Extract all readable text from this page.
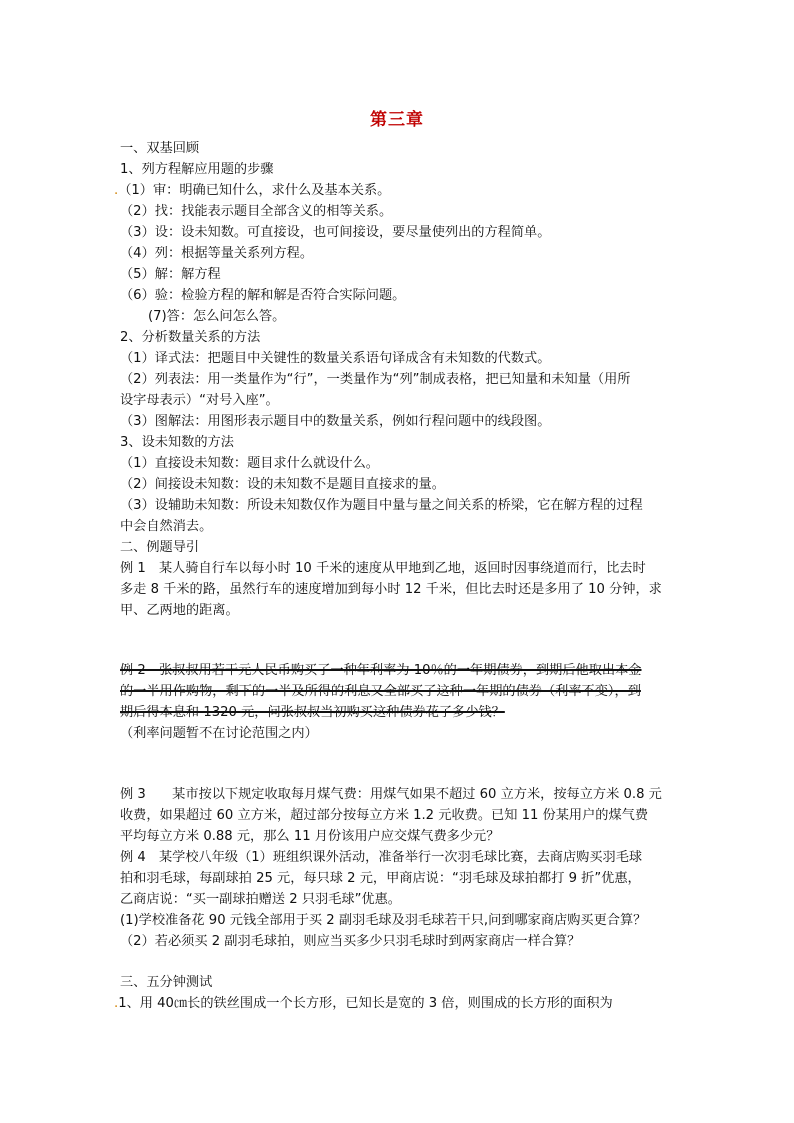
第三章
一、双基回顾
1、列方程解应用题的步骤
.（1）审：明确已知什么，求什么及基本关系。
（2）找：找能表示题目全部含义的相等关系。
（3）设：设未知数。可直接设，也可间接设，要尽量使列出的方程简单。
（4）列：根据等量关系列方程。
（5）解：解方程
（6）验：检验方程的解和解是否符合实际问题。
(7)答：怎么问怎么答。
2、分析数量关系的方法
（1）译式法：把题目中关键性的数量关系语句译成含有未知数的代数式。
（2）列表法：用一类量作为“行”，一类量作为“列”制成表格，把已知量和未知量（用所
设字母表示）“对号入座”。
（3）图解法：用图形表示题目中的数量关系，例如行程问题中的线段图。
3、设未知数的方法
（1）直接设未知数：题目求什么就设什么。
（2）间接设未知数：设的未知数不是题目直接求的量。
（3）设辅助未知数：所设未知数仅作为题目中量与量之间关系的桥梁，它在解方程的过程
中会自然消去。
二、例题导引
例 1　某人骑自行车以每小时 10 千米的速度从甲地到乙地，返回时因事绕道而行，比去时
多走 8 千米的路，虽然行车的速度增加到每小时 12 千米，但比去时还是多用了 10 分钟，求
甲、乙两地的距离。
例 2　张叔叔用若干元人民币购买了一种年利率为 10％的一年期债券，到期后他取出本金
的一半用作购物，剩下的一半及所得的利息又全部买了这种一年期的债券（利率不变），到
期后得本息和 1320 元，问张叔叔当初购买这种债券花了多少钱？
（利率问题暂不在讨论范围之内）
例 3　　某市按以下规定收取每月煤气费：用煤气如果不超过 60 立方米，按每立方米 0.8 元
收费，如果超过 60 立方米，超过部分按每立方米 1.2 元收费。已知 11 份某用户的煤气费
平均每立方米 0.88 元，那么 11 月份该用户应交煤气费多少元？
例 4　某学校八年级（1）班组织课外活动，准备举行一次羽毛球比赛，去商店购买羽毛球
拍和羽毛球，每副球拍 25 元，每只球 2 元，甲商店说：“羽毛球及球拍都打 9 折”优惠，
乙商店说：“买一副球拍赠送 2 只羽毛球”优惠。
(1)学校准备花 90 元钱全部用于买 2 副羽毛球及羽毛球若干只,问到哪家商店购买更合算？
（2）若必须买 2 副羽毛球拍，则应当买多少只羽毛球时到两家商店一样合算？
三、五分钟测试
.1、用 40㎝长的铁丝围成一个长方形，已知长是宽的 3 倍，则围成的长方形的面积为
